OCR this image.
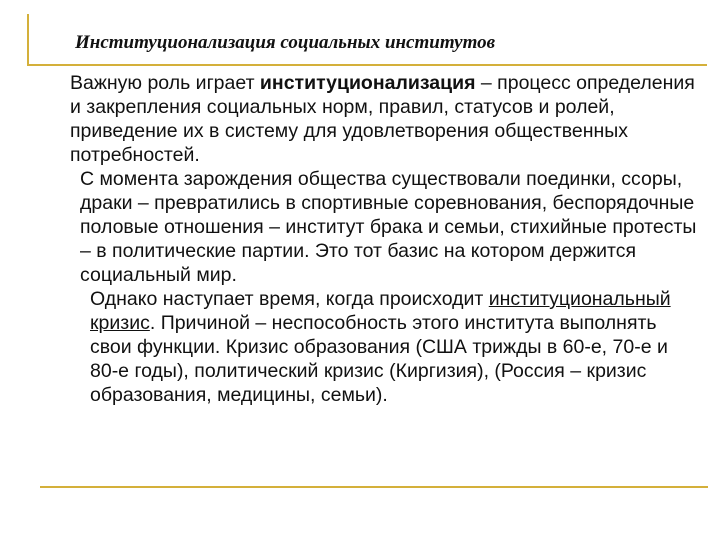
Институционализация социальных институтов

Важную роль играет институционализация – процесс определения и закрепления социальных норм, правил, статусов и ролей, приведение их в систему для удовлетворения общественных потребностей.

С момента зарождения общества существовали поединки, ссоры, драки – превратились в спортивные соревнования, беспорядочные половые отношения – институт брака и семьи, стихийные протесты – в политические партии. Это тот базис на котором держится социальный мир.

Однако наступает время, когда происходит институциональный кризис. Причиной – неспособность этого института выполнять свои функции. Кризис образования (США трижды в 60-е, 70-е и 80-е годы), политический кризис (Киргизия), (Россия – кризис образования, медицины, семьи).
